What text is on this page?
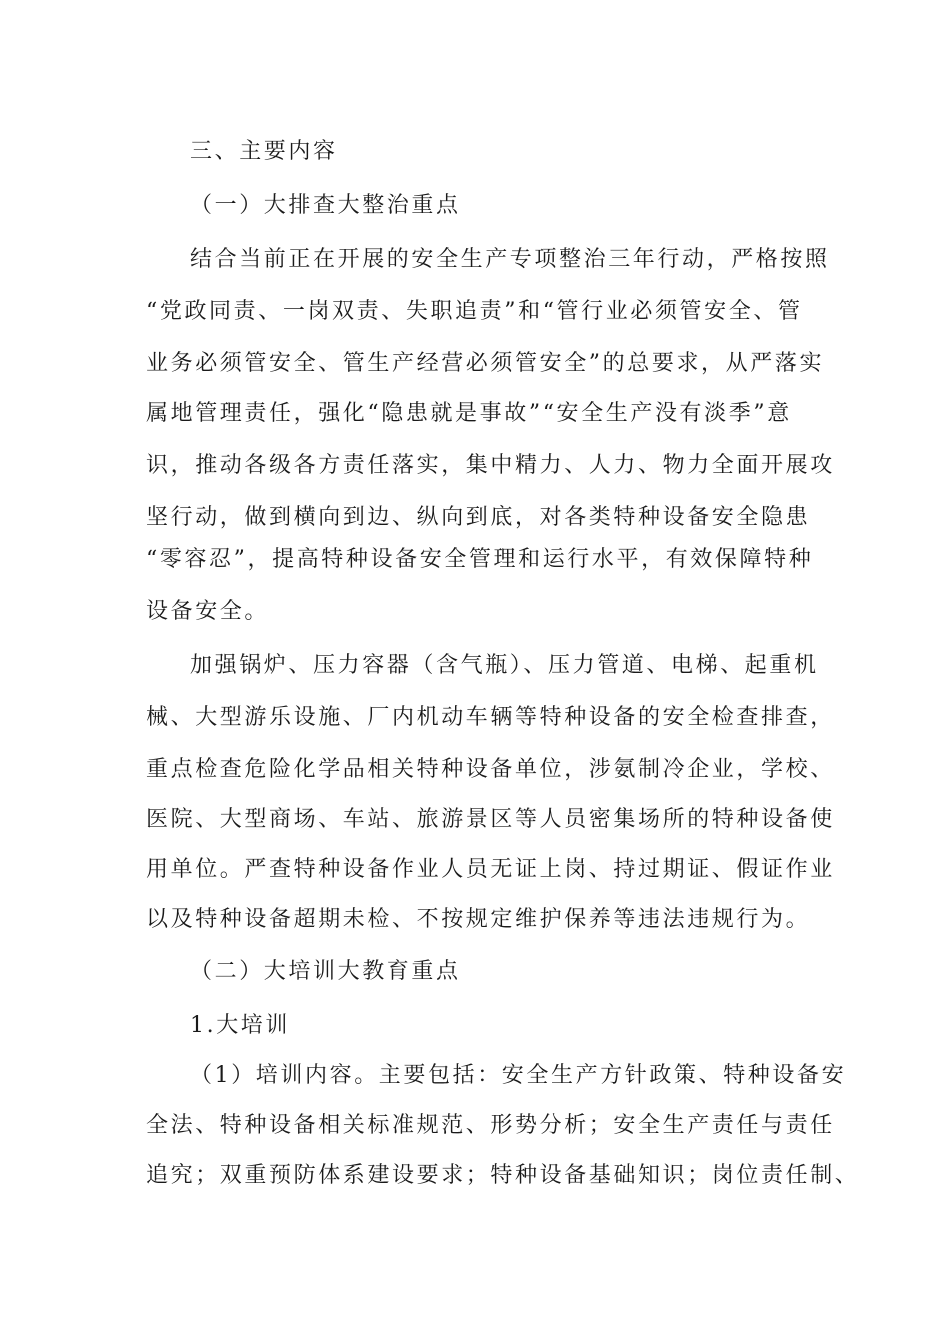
三、主要内容
（一）大排查大整治重点
结合当前正在开展的安全生产专项整治三年行动，严格按照
“党政同责、一岗双责、失职追责”和“管行业必须管安全、管
业务必须管安全、管生产经营必须管安全”的总要求，从严落实
属地管理责任，强化“隐患就是事故”“安全生产没有淡季”意
识，推动各级各方责任落实，集中精力、人力、物力全面开展攻
坚行动，做到横向到边、纵向到底，对各类特种设备安全隐患
“零容忍”，提高特种设备安全管理和运行水平，有效保障特种
设备安全。
加强锅炉、压力容器（含气瓶）、压力管道、电梯、起重机
械、大型游乐设施、厂内机动车辆等特种设备的安全检查排查，
重点检查危险化学品相关特种设备单位，涉氨制冷企业，学校、
医院、大型商场、车站、旅游景区等人员密集场所的特种设备使
用单位。严查特种设备作业人员无证上岗、持过期证、假证作业
以及特种设备超期未检、不按规定维护保养等违法违规行为。
（二）大培训大教育重点
1.大培训
（1）培训内容。主要包括：安全生产方针政策、特种设备安
全法、特种设备相关标准规范、形势分析；安全生产责任与责任
追究；双重预防体系建设要求；特种设备基础知识；岗位责任制、
